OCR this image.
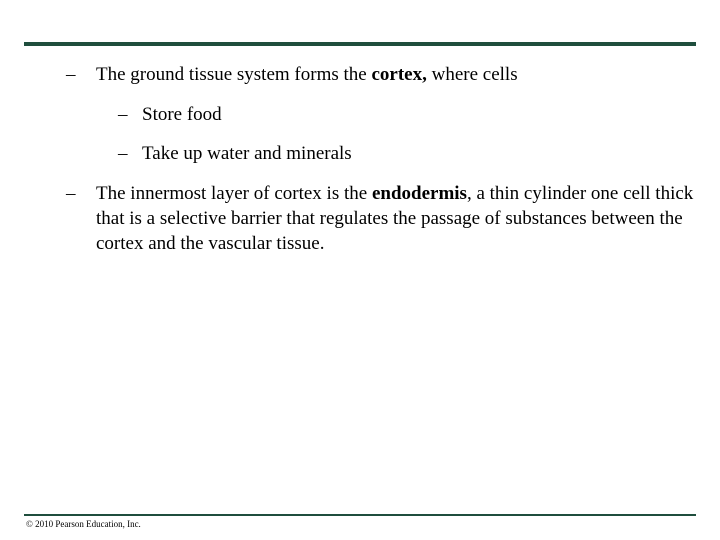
– The ground tissue system forms the cortex, where cells
– Store food
– Take up water and minerals
– The innermost layer of cortex is the endodermis, a thin cylinder one cell thick that is a selective barrier that regulates the passage of substances between the cortex and the vascular tissue.
© 2010 Pearson Education, Inc.
